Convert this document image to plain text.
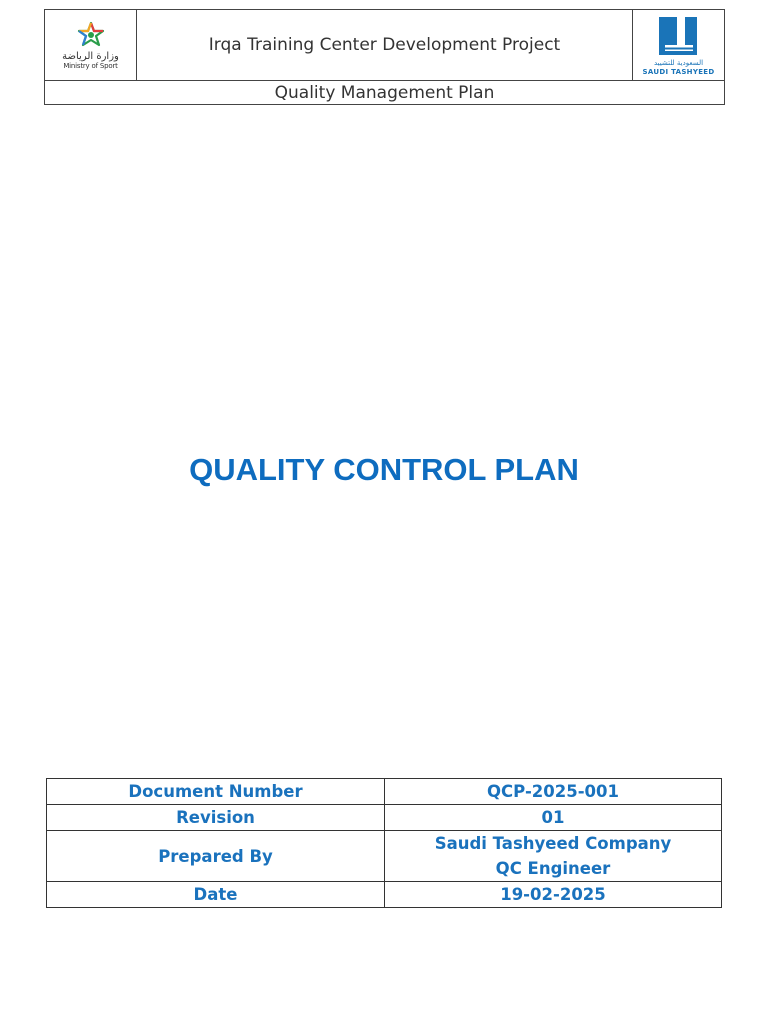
وزارة الرياضة
Ministry of Sport
	Irqa Training Center Development Project	
السعودية للتشييد
SAUDI TASHYEED

Quality Management Plan
QUALITY CONTROL PLAN
Document Number	QCP-2025-001
Revision	01
Prepared By	Saudi Tashyeed Company
QC Engineer

Date	19-02-2025
